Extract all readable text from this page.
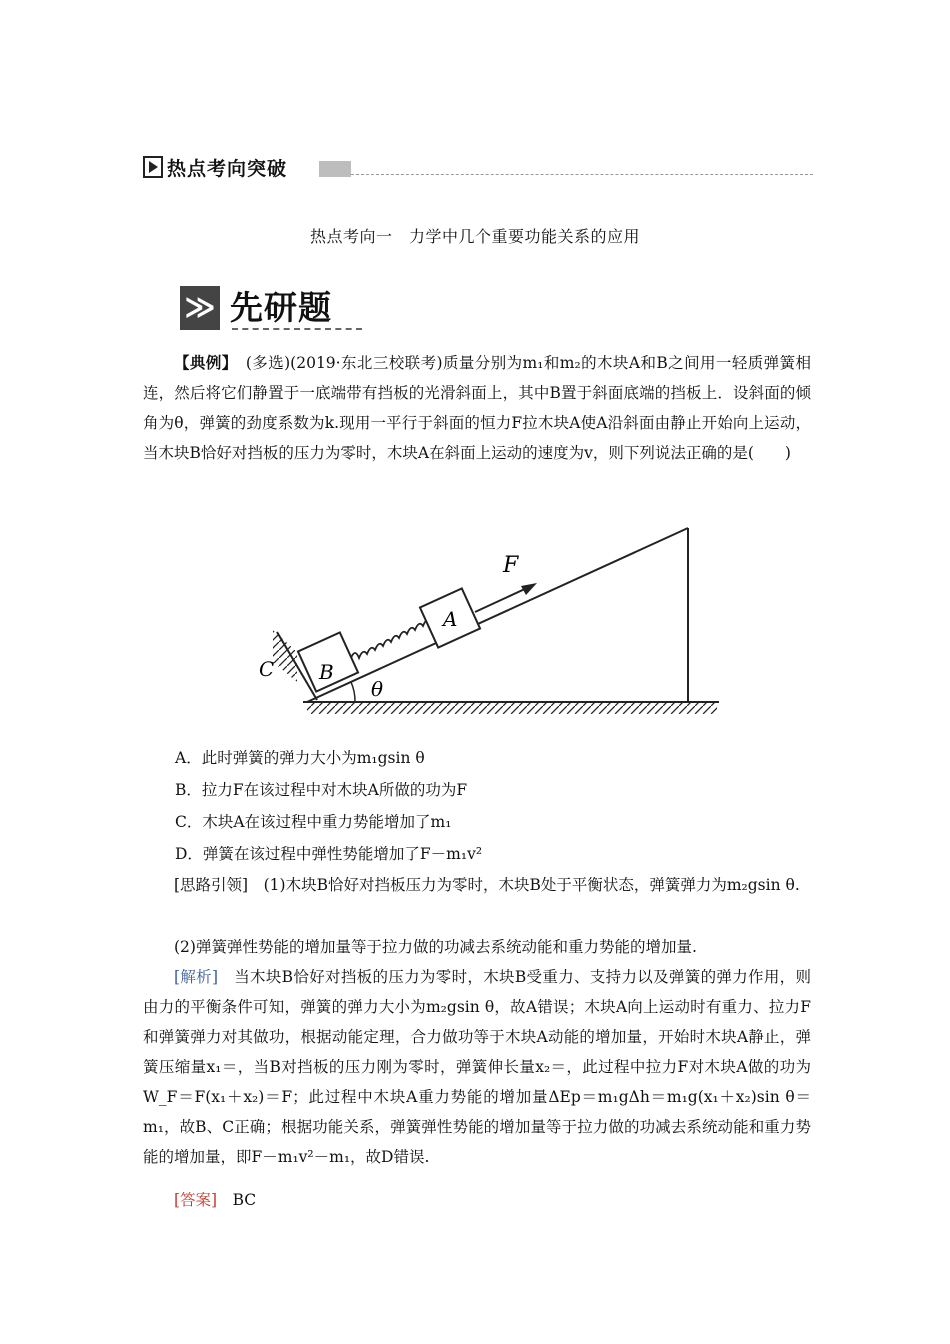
热点考向突破
热点考向一　力学中几个重要功能关系的应用
≫ 先研题
【典例】　(多选)(2019·东北三校联考)质量分别为m₁和m₂的木块A和B之间用一轻质弹簧相连，然后将它们静置于一底端带有挡板的光滑斜面上，其中B置于斜面底端的挡板上．设斜面的倾角为θ，弹簧的劲度系数为k.现用一平行于斜面的恒力F拉木块A使A沿斜面由静止开始向上运动，当木块B恰好对挡板的压力为零时，木块A在斜面上运动的速度为v，则下列说法正确的是(　　)
F
A
B
C
θ
A．此时弹簧的弹力大小为m₁gsin θ
B．拉力F在该过程中对木块A所做的功为F
C．木块A在该过程中重力势能增加了m₁
D．弹簧在该过程中弹性势能增加了F－m₁v²
[思路引领]　(1)木块B恰好对挡板压力为零时，木块B处于平衡状态，弹簧弹力为m₂gsin θ.
(2)弹簧弹性势能的增加量等于拉力做的功减去系统动能和重力势能的增加量.
[解析]　当木块B恰好对挡板的压力为零时，木块B受重力、支持力以及弹簧的弹力作用，则由力的平衡条件可知，弹簧的弹力大小为m₂gsin θ，故A错误；木块A向上运动时有重力、拉力F和弹簧弹力对其做功，根据动能定理，合力做功等于木块A动能的增加量，开始时木块A静止，弹簧压缩量x₁＝，当B对挡板的压力刚为零时，弹簧伸长量x₂＝，此过程中拉力F对木块A做的功为W_F＝F(x₁＋x₂)＝F；此过程中木块A重力势能的增加量ΔEp＝m₁gΔh＝m₁g(x₁＋x₂)sin θ＝m₁，故B、C正确；根据功能关系，弹簧弹性势能的增加量等于拉力做的功减去系统动能和重力势能的增加量，即F－m₁v²－m₁，故D错误.
[答案]　BC
